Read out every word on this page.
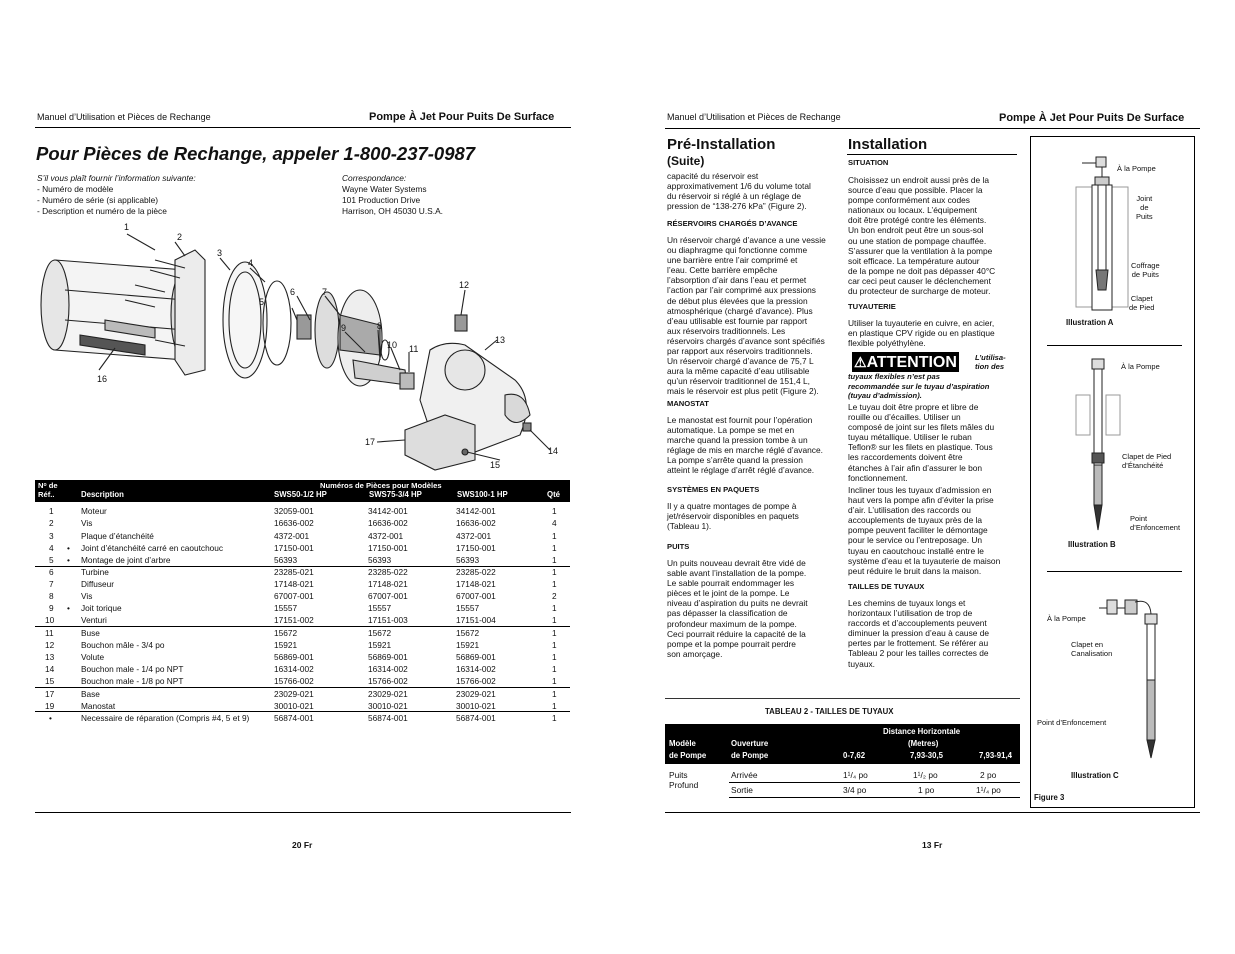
Manuel d’Utilisation et Pièces de Rechange	Pompe À Jet Pour Puits De Surface
Pour Pièces de Rechange, appeler 1-800-237-0987
S’il vous plaît fournir l’information suivante:
- Numéro de modèle
- Numéro de série (si applicable)
- Description et numéro de la pièce
Correspondance:
Wayne Water Systems
101 Production Drive
Harrison, OH 45030 U.S.A.
1
2
3
4
5
6	7
8
9
10 11
12
13
14
15
16
17
Nᵒ de
Réf..
Numéros de Pièces pour Modèles
Description	SWS50-1/2 HP	SWS75-3/4 HP	SWS100-1 HP	Qté
1	Moteur	32059-001	34142-001	34142-001	1
2	Vis	16636-002	16636-002	16636-002	4
3	Plaque d’étanchéité	4372-001	4372-001	4372-001	1
4 • Joint d’étanchéité carré en caoutchouc	17150-001	17150-001	17150-001	1
5 • Montage de joint d’arbre	56393	56393	56393	1
6	Turbine	23285-021	23285-022	23285-022	1
7	Diffuseur	17148-021	17148-021	17148-021	1
8	Vis	67007-001	67007-001	67007-001	2
9 • Joit torique	15557	15557	15557	1
10	Venturi	17151-002	17151-003	17151-004	1
11	Buse	15672	15672	15672	1
12	Bouchon mâle - 3/4 po	15921	15921	15921	1
13	Volute	56869-001	56869-001	56869-001	1
14	Bouchon male - 1/4 po NPT	16314-002	16314-002	16314-002	1
15	Bouchon male - 1/8 po NPT	15766-002	15766-002	15766-002	1
17	Base	23029-021	23029-021	23029-021	1
19	Manostat	30010-021	30010-021	30010-021	1
•	Necessaire de réparation (Compris #4, 5 et 9)	56874-001	56874-001	56874-001	1
20 Fr
Manuel d’Utilisation et Pièces de Rechange	Pompe À Jet Pour Puits De Surface
Pré-Installation
(Suite)
capacité du réservoir est
approximativement 1/6 du volume total
du réservoir si réglé à un réglage de
pression de “138-276 kPa” (Figure 2).
RÉSERVOIRS CHARGÉS D’AVANCE
Un réservoir chargé d’avance a une vessie
ou diaphragme qui fonctionne comme
une barrière entre l’air comprimé et
l’eau. Cette barrière empêche
l’absorption d’air dans l’eau et permet
l’action par l’air comprimé aux pressions
de début plus élevées que la pression
atmosphérique (chargé d’avance). Plus
d’eau utilisable est fournie par rapport
aux réservoirs traditionnels. Les
réservoirs chargés d’avance sont spécifiés
par rapport aux réservoirs traditionnels.
Un réservoir chargé d’avance de 75,7 L
aura la même capacité d’eau utilisable
qu’un réservoir traditionnel de 151,4 L,
mais le réservoir est plus petit (Figure 2).
MANOSTAT
Le manostat est fournit pour l’opération
automatique. La pompe se met en
marche quand la pression tombe à un
réglage de mis en marche réglé d’avance.
La pompe s’arrête quand la pression
atteint le réglage d’arrêt réglé d’avance.
SYSTÈMES EN PAQUETS
Il y a quatre montages de pompe à
jet/réservoir disponibles en paquets
(Tableau 1).
PUITS
Un puits nouveau devrait être vidé de
sable avant l’installation de la pompe.
Le sable pourrait endommager les
pièces et le joint de la pompe. Le
niveau d’aspiration du puits ne devrait
pas dépasser la classification de
profondeur maximum de la pompe.
Ceci pourrait réduire la capacité de la
pompe et la pompe pourrait perdre
son amorçage.
Installation
SITUATION
Choisissez un endroit aussi près de la
source d’eau que possible. Placer la
pompe conformément aux codes
nationaux ou locaux. L’équipement
doit être protégé contre les éléments.
Un bon endroit peut être un sous-sol
ou une station de pompage chauffée.
S’assurer que la ventilation à la pompe
soit efficace. La température autour
de la pompe ne doit pas dépasser 40°C
car ceci peut causer le déclenchement
du protecteur de surcharge de moteur.
TUYAUTERIE
Utiliser la tuyauterie en cuivre, en acier,
en plastique CPV rigide ou en plastique
flexible polyéthylène.
⚠ATTENTION L’utilisa-
tion des
tuyaux flexibles n’est pas
recommandée sur le tuyau d’aspiration
(tuyau d’admission).
Le tuyau doit être propre et libre de
rouille ou d’écailles. Utiliser un
composé de joint sur les filets mâles du
tuyau métallique. Utiliser le ruban
Teflon® sur les filets en plastique. Tous
les raccordements doivent être
étanches à l’air afin d’assurer le bon
fonctionnement.
Incliner tous les tuyaux d’admission en
haut vers la pompe afin d’éviter la prise
d’air. L’utilisation des raccords ou
accouplements de tuyaux près de la
pompe peuvent faciliter le démontage
pour le service ou l’entreposage. Un
tuyau en caoutchouc installé entre le
système d’eau et la tuyauterie de maison
peut réduire le bruit dans la maison.
TAILLES DE TUYAUX
Les chemins de tuyaux longs et
horizontaux l’utilisation de trop de
raccords et d’accouplements peuvent
diminuer la pression d’eau à cause de
pertes par le frottement. Se référer au
Tableau 2 pour les tailles correctes de
tuyaux.
TABLEAU 2 - TAILLES DE TUYAUX
Distance Horizontale
(Metres)
Modèle
de Pompe
Ouverture
de Pompe	0-7,62	7,93-30,5	7,93-91,4
Puits
Profund
Arrivée	1¹/₄ po	1¹/₂ po	2 po
Sortie	3/4 po	1 po	1¹/₄ po
À la Pompe
Joint
de
Puits
Coffrage
de Puits
Clapet
de Pied
Illustration A
À la Pompe
Clapet de Pied
d’Étanchéité
Point
d’Enfoncement
Illustration B
À la Pompe
Clapet en
Canalisation
Point d’Enfoncement
Illustration C
Figure 3
13 Fr
